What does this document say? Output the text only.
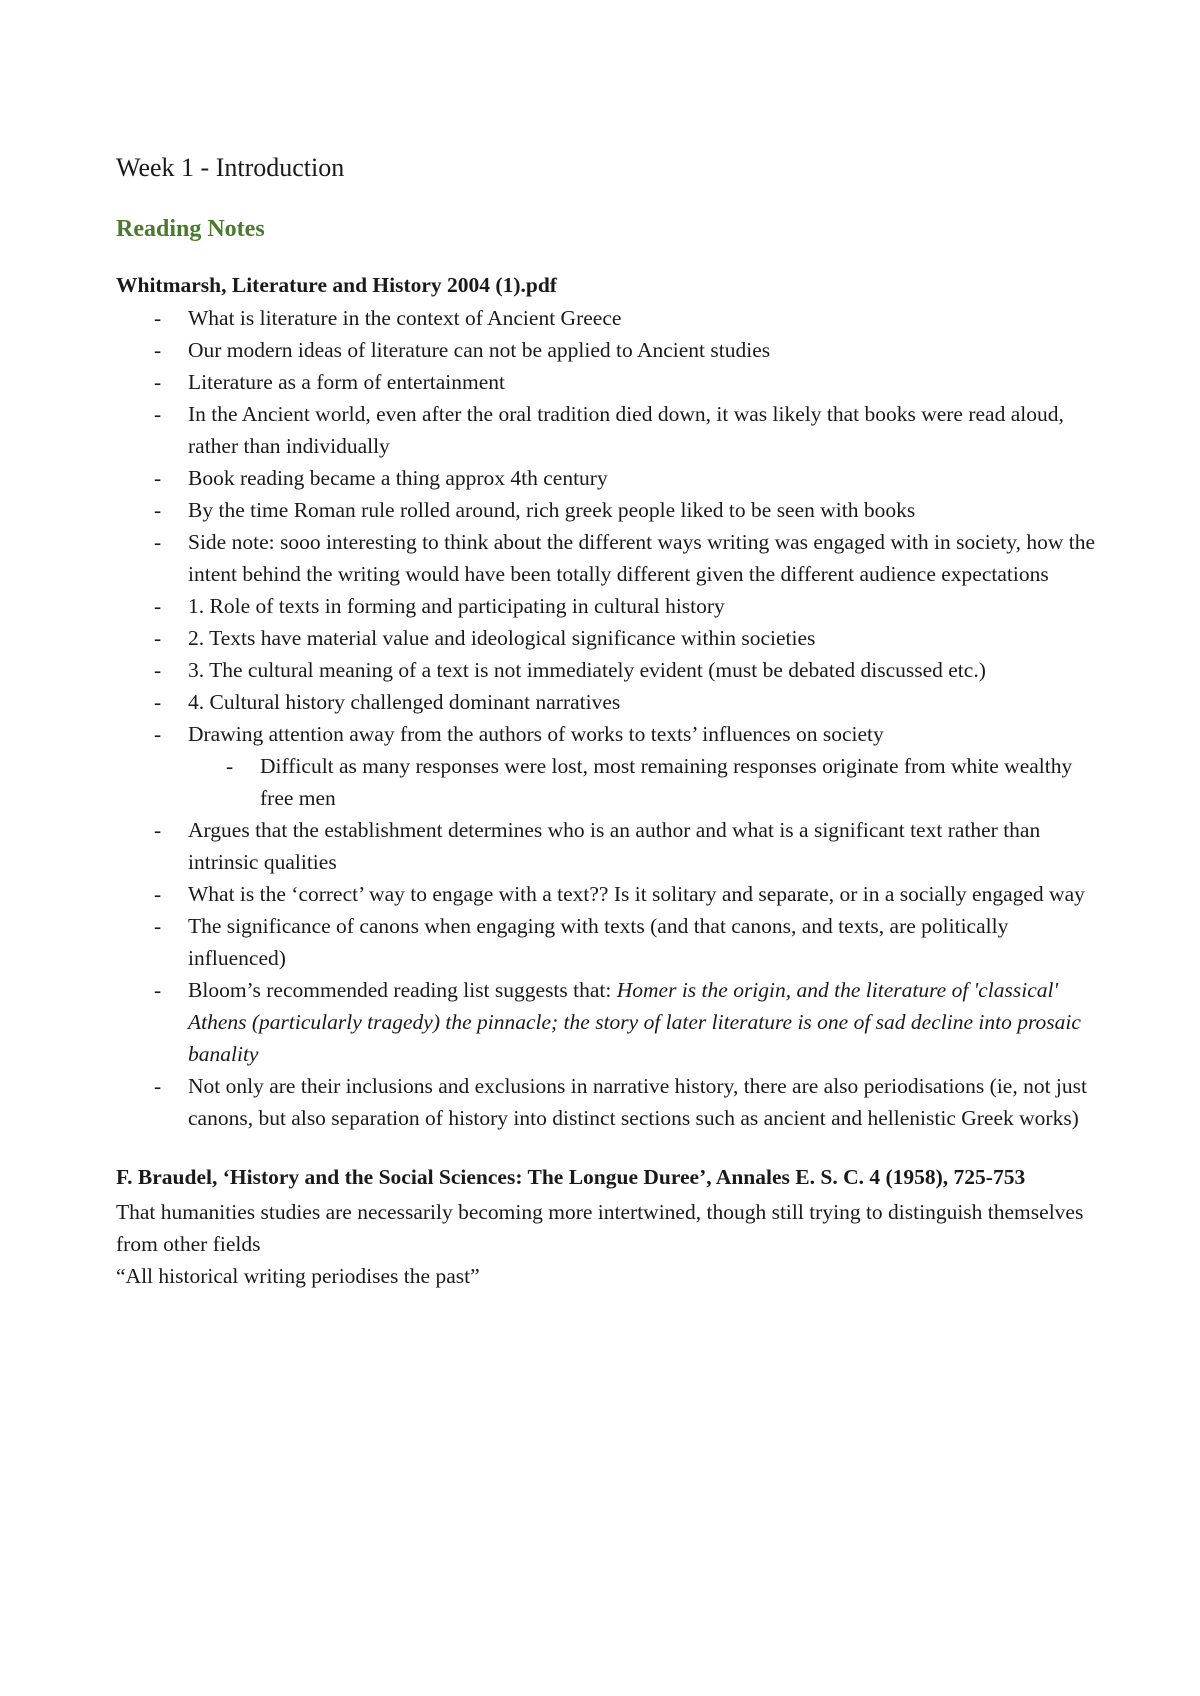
Week 1 - Introduction
Reading Notes
Whitmarsh, Literature and History 2004 (1).pdf
- What is literature in the context of Ancient Greece
- Our modern ideas of literature can not be applied to Ancient studies
- Literature as a form of entertainment
- In the Ancient world, even after the oral tradition died down, it was likely that books were read aloud, rather than individually
- Book reading became a thing approx 4th century
- By the time Roman rule rolled around, rich greek people liked to be seen with books
- Side note: sooo interesting to think about the different ways writing was engaged with in society, how the intent behind the writing would have been totally different given the different audience expectations
- 1. Role of texts in forming and participating in cultural history
- 2. Texts have material value and ideological significance within societies
- 3. The cultural meaning of a text is not immediately evident (must be debated discussed etc.)
- 4. Cultural history challenged dominant narratives
- Drawing attention away from the authors of works to texts’ influences on society
- Difficult as many responses were lost, most remaining responses originate from white wealthy free men
- Argues that the establishment determines who is an author and what is a significant text rather than intrinsic qualities
- What is the ‘correct’ way to engage with a text?? Is it solitary and separate, or in a socially engaged way
- The significance of canons when engaging with texts (and that canons, and texts, are politically influenced)
- Bloom’s recommended reading list suggests that: Homer is the origin, and the literature of 'classical' Athens (particularly tragedy) the pinnacle; the story of later literature is one of sad decline into prosaic banality
- Not only are their inclusions and exclusions in narrative history, there are also periodisations (ie, not just canons, but also separation of history into distinct sections such as ancient and hellenistic Greek works)
F. Braudel, ‘History and the Social Sciences: The Longue Duree’, Annales E. S. C. 4 (1958), 725-753

That humanities studies are necessarily becoming more intertwined, though still trying to distinguish themselves from other fields

“All historical writing periodises the past”
